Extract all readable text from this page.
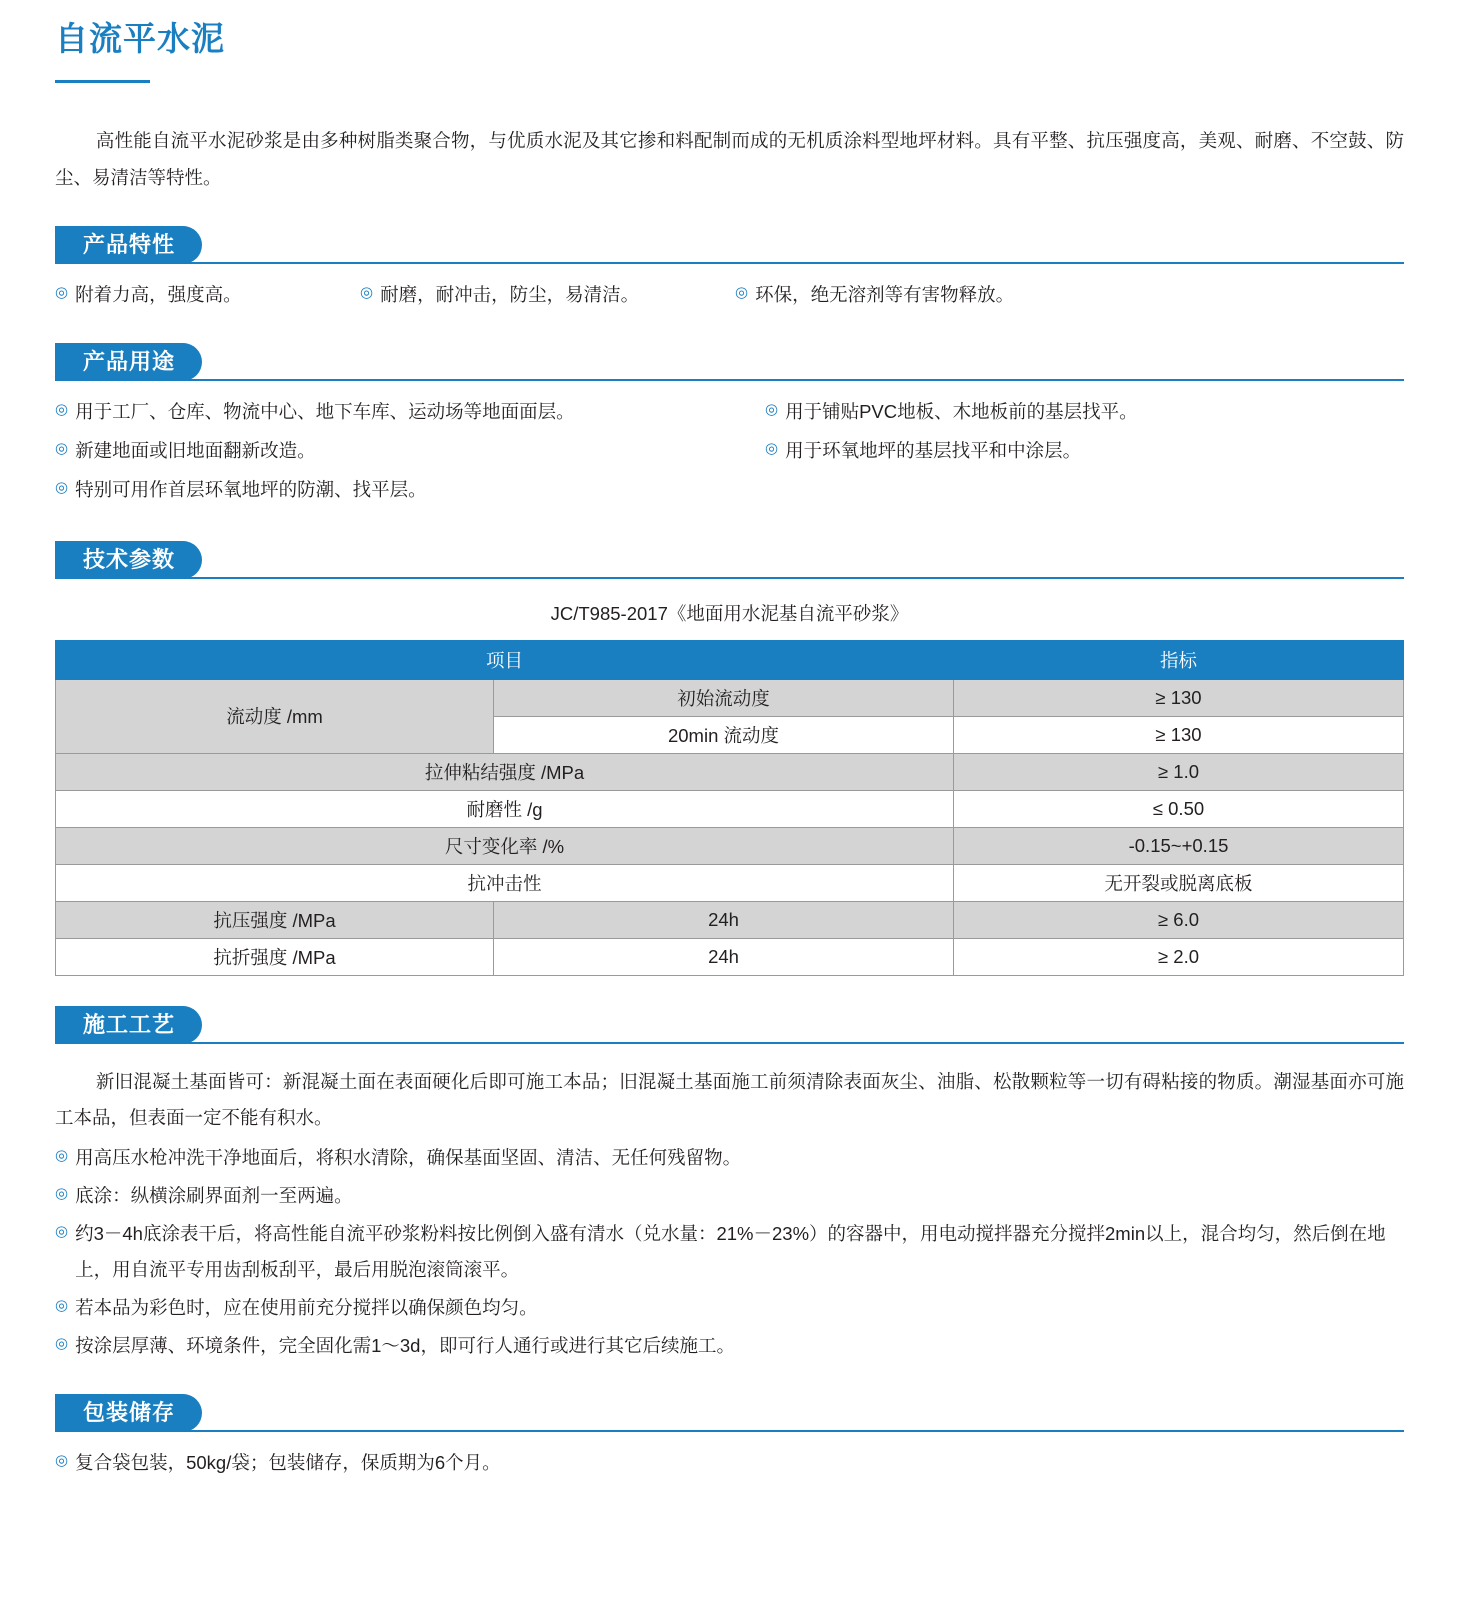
自流平水泥
高性能自流平水泥砂浆是由多种树脂类聚合物，与优质水泥及其它掺和料配制而成的无机质涂料型地坪材料。具有平整、抗压强度高，美观、耐磨、不空鼓、防尘、易清洁等特性。
产品特性
◎ 附着力高，强度高。	◎ 耐磨，耐冲击，防尘，易清洁。	◎ 环保，绝无溶剂等有害物释放。
产品用途
◎ 用于工厂、仓库、物流中心、地下车库、运动场等地面面层。	◎ 用于铺贴PVC地板、木地板前的基层找平。
◎ 新建地面或旧地面翻新改造。	◎ 用于环氧地坪的基层找平和中涂层。
◎ 特别可用作首层环氧地坪的防潮、找平层。
技术参数
JC/T985-2017《地面用水泥基自流平砂浆》
项目		指标
流动度 /mm	初始流动度	≥ 130
	20min 流动度	≥ 130
拉伸粘结强度 /MPa		≥ 1.0
耐磨性 /g		≤ 0.50
尺寸变化率 /%		-0.15~+0.15
抗冲击性		无开裂或脱离底板
抗压强度 /MPa	24h	≥ 6.0
抗折强度 /MPa	24h	≥ 2.0
施工工艺
新旧混凝土基面皆可：新混凝土面在表面硬化后即可施工本品；旧混凝土基面施工前须清除表面灰尘、油脂、松散颗粒等一切有碍粘接的物质。潮湿基面亦可施工本品，但表面一定不能有积水。
◎ 用高压水枪冲洗干净地面后，将积水清除，确保基面坚固、清洁、无任何残留物。
◎ 底涂：纵横涂刷界面剂一至两遍。
◎ 约3－4h底涂表干后，将高性能自流平砂浆粉料按比例倒入盛有清水（兑水量：21%－23%）的容器中，用电动搅拌器充分搅拌2min以上，混合均匀，然后倒在地上，用自流平专用齿刮板刮平，最后用脱泡滚筒滚平。
◎ 若本品为彩色时，应在使用前充分搅拌以确保颜色均匀。
◎ 按涂层厚薄、环境条件，完全固化需1～3d，即可行人通行或进行其它后续施工。
包装储存
◎ 复合袋包装，50kg/袋；包装储存，保质期为6个月。
